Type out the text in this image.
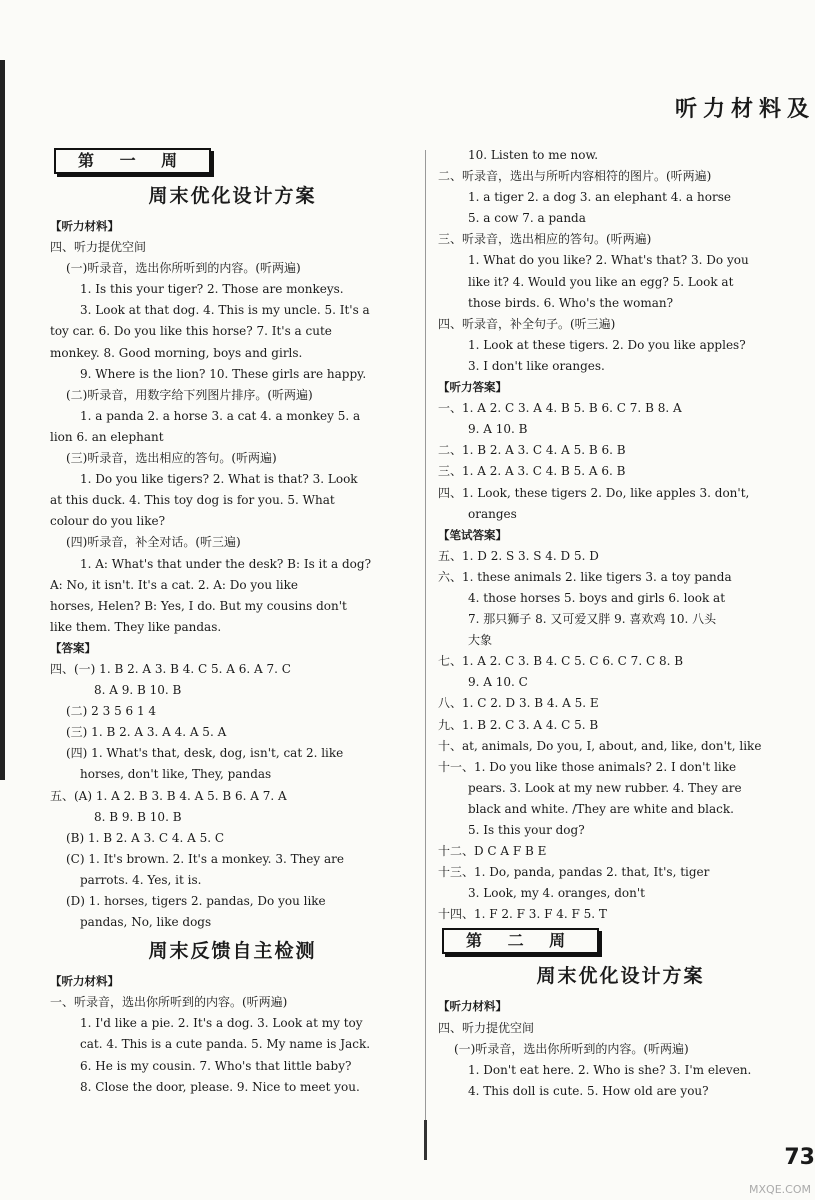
听力材料及
第 一 周
周末优化设计方案
【听力材料】
四、听力提优空间
(一)听录音，选出你所听到的内容。(听两遍)
1. Is this your tiger? 2. Those are monkeys.
3. Look at that dog. 4. This is my uncle. 5. It's a
toy car. 6. Do you like this horse? 7. It's a cute
monkey. 8. Good morning, boys and girls.
9. Where is the lion? 10. These girls are happy.
(二)听录音，用数字给下列图片排序。(听两遍)
1. a panda 2. a horse 3. a cat 4. a monkey 5. a
lion 6. an elephant
(三)听录音，选出相应的答句。(听两遍)
1. Do you like tigers? 2. What is that? 3. Look
at this duck. 4. This toy dog is for you. 5. What
colour do you like?
(四)听录音，补全对话。(听三遍)
1. A: What's that under the desk? B: Is it a dog?
A: No, it isn't. It's a cat. 2. A: Do you like
horses, Helen? B: Yes, I do. But my cousins don't
like them. They like pandas.
【答案】
四、(一) 1. B 2. A 3. B 4. C 5. A 6. A 7. C
8. A 9. B 10. B
(二) 2 3 5 6 1 4
(三) 1. B 2. A 3. A 4. A 5. A
(四) 1. What's that, desk, dog, isn't, cat 2. like
horses, don't like, They, pandas
五、(A) 1. A 2. B 3. B 4. A 5. B 6. A 7. A
8. B 9. B 10. B
(B) 1. B 2. A 3. C 4. A 5. C
(C) 1. It's brown. 2. It's a monkey. 3. They are
parrots. 4. Yes, it is.
(D) 1. horses, tigers 2. pandas, Do you like
pandas, No, like dogs
周末反馈自主检测
【听力材料】
一、听录音，选出你所听到的内容。(听两遍)
1. I'd like a pie. 2. It's a dog. 3. Look at my toy
cat. 4. This is a cute panda. 5. My name is Jack.
6. He is my cousin. 7. Who's that little baby?
8. Close the door, please. 9. Nice to meet you.
10. Listen to me now.
二、听录音，选出与所听内容相符的图片。(听两遍)
1. a tiger 2. a dog 3. an elephant 4. a horse
5. a cow 7. a panda
三、听录音，选出相应的答句。(听两遍)
1. What do you like? 2. What's that? 3. Do you
like it? 4. Would you like an egg? 5. Look at
those birds. 6. Who's the woman?
四、听录音，补全句子。(听三遍)
1. Look at these tigers. 2. Do you like apples?
3. I don't like oranges.
【听力答案】
一、1. A 2. C 3. A 4. B 5. B 6. C 7. B 8. A
9. A 10. B
二、1. B 2. A 3. C 4. A 5. B 6. B
三、1. A 2. A 3. C 4. B 5. A 6. B
四、1. Look, these tigers 2. Do, like apples 3. don't,
oranges
【笔试答案】
五、1. D 2. S 3. S 4. D 5. D
六、1. these animals 2. like tigers 3. a toy panda
4. those horses 5. boys and girls 6. look at
7. 那只狮子 8. 又可爱又胖 9. 喜欢鸡 10. 八头
大象
七、1. A 2. C 3. B 4. C 5. C 6. C 7. C 8. B
9. A 10. C
八、1. C 2. D 3. B 4. A 5. E
九、1. B 2. C 3. A 4. C 5. B
十、at, animals, Do you, I, about, and, like, don't, like
十一、1. Do you like those animals? 2. I don't like
pears. 3. Look at my new rubber. 4. They are
black and white. /They are white and black.
5. Is this your dog?
十二、D C A F B E
十三、1. Do, panda, pandas 2. that, It's, tiger
3. Look, my 4. oranges, don't
十四、1. F 2. F 3. F 4. F 5. T
第 二 周
周末优化设计方案
【听力材料】
四、听力提优空间
(一)听录音，选出你所听到的内容。(听两遍)
1. Don't eat here. 2. Who is she? 3. I'm eleven.
4. This doll is cute. 5. How old are you?
73
MXQE.COM
